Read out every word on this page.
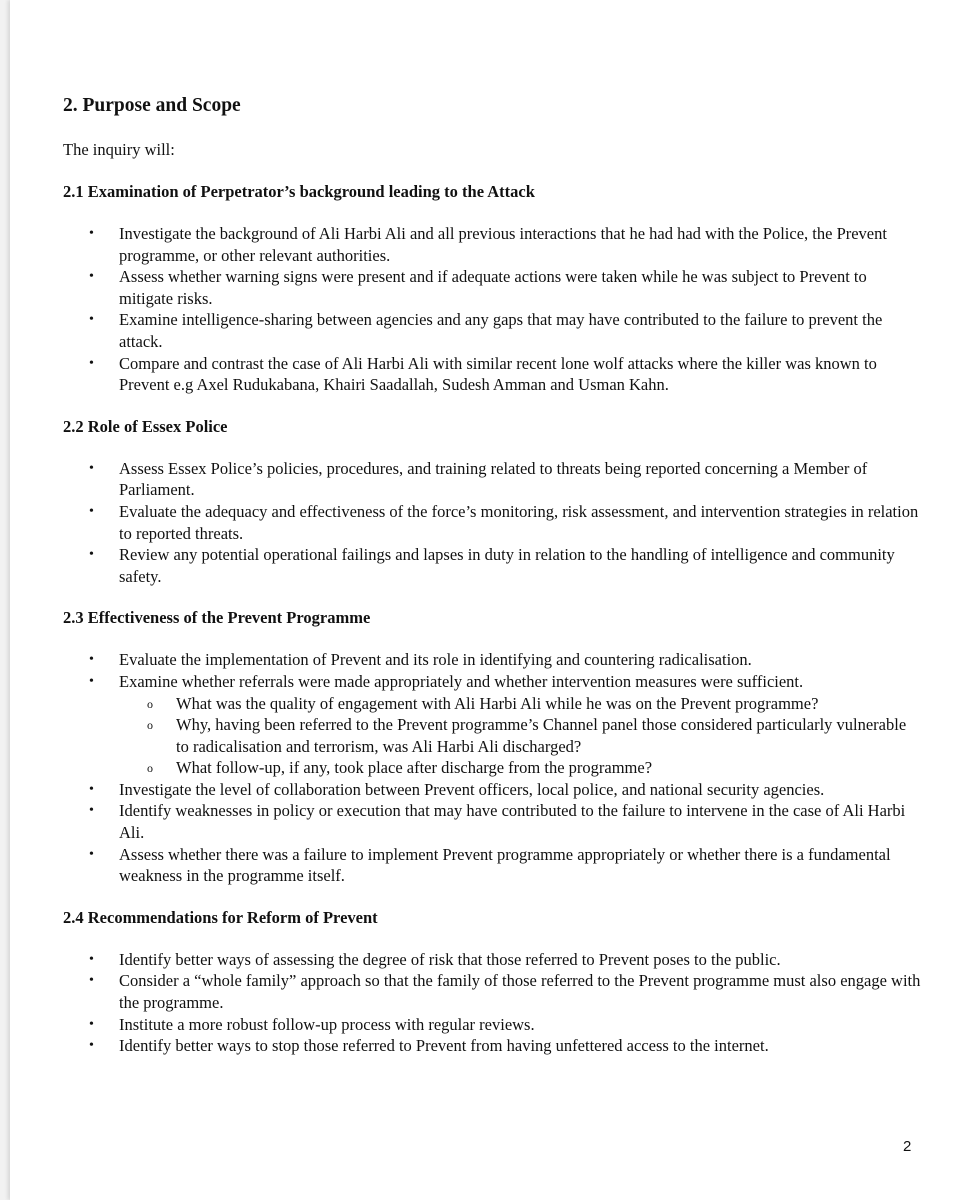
2. Purpose and Scope

The inquiry will:

2.1 Examination of Perpetrator’s background leading to the Attack
• Investigate the background of Ali Harbi Ali and all previous interactions that he had had with the Police, the Prevent programme, or other relevant authorities.
• Assess whether warning signs were present and if adequate actions were taken while he was subject to Prevent to mitigate risks.
• Examine intelligence-sharing between agencies and any gaps that may have contributed to the failure to prevent the attack.
• Compare and contrast the case of Ali Harbi Ali with similar recent lone wolf attacks where the killer was known to Prevent e.g Axel Rudukabana, Khairi Saadallah, Sudesh Amman and Usman Kahn.
2.2 Role of Essex Police
• Assess Essex Police’s policies, procedures, and training related to threats being reported concerning a Member of Parliament.
• Evaluate the adequacy and effectiveness of the force’s monitoring, risk assessment, and intervention strategies in relation to reported threats.
• Review any potential operational failings and lapses in duty in relation to the handling of intelligence and community safety.
2.3 Effectiveness of the Prevent Programme
• Evaluate the implementation of Prevent and its role in identifying and countering radicalisation.
• Examine whether referrals were made appropriately and whether intervention measures were sufficient.
o What was the quality of engagement with Ali Harbi Ali while he was on the Prevent programme?
o Why, having been referred to the Prevent programme’s Channel panel those considered particularly vulnerable to radicalisation and terrorism, was Ali Harbi Ali discharged?
o What follow-up, if any, took place after discharge from the programme?
• Investigate the level of collaboration between Prevent officers, local police, and national security agencies.
• Identify weaknesses in policy or execution that may have contributed to the failure to intervene in the case of Ali Harbi Ali.
• Assess whether there was a failure to implement Prevent programme appropriately or whether there is a fundamental weakness in the programme itself.
2.4 Recommendations for Reform of Prevent
• Identify better ways of assessing the degree of risk that those referred to Prevent poses to the public.
• Consider a “whole family” approach so that the family of those referred to the Prevent programme must also engage with the programme.
• Institute a more robust follow-up process with regular reviews.
• Identify better ways to stop those referred to Prevent from having unfettered access to the internet.
2
